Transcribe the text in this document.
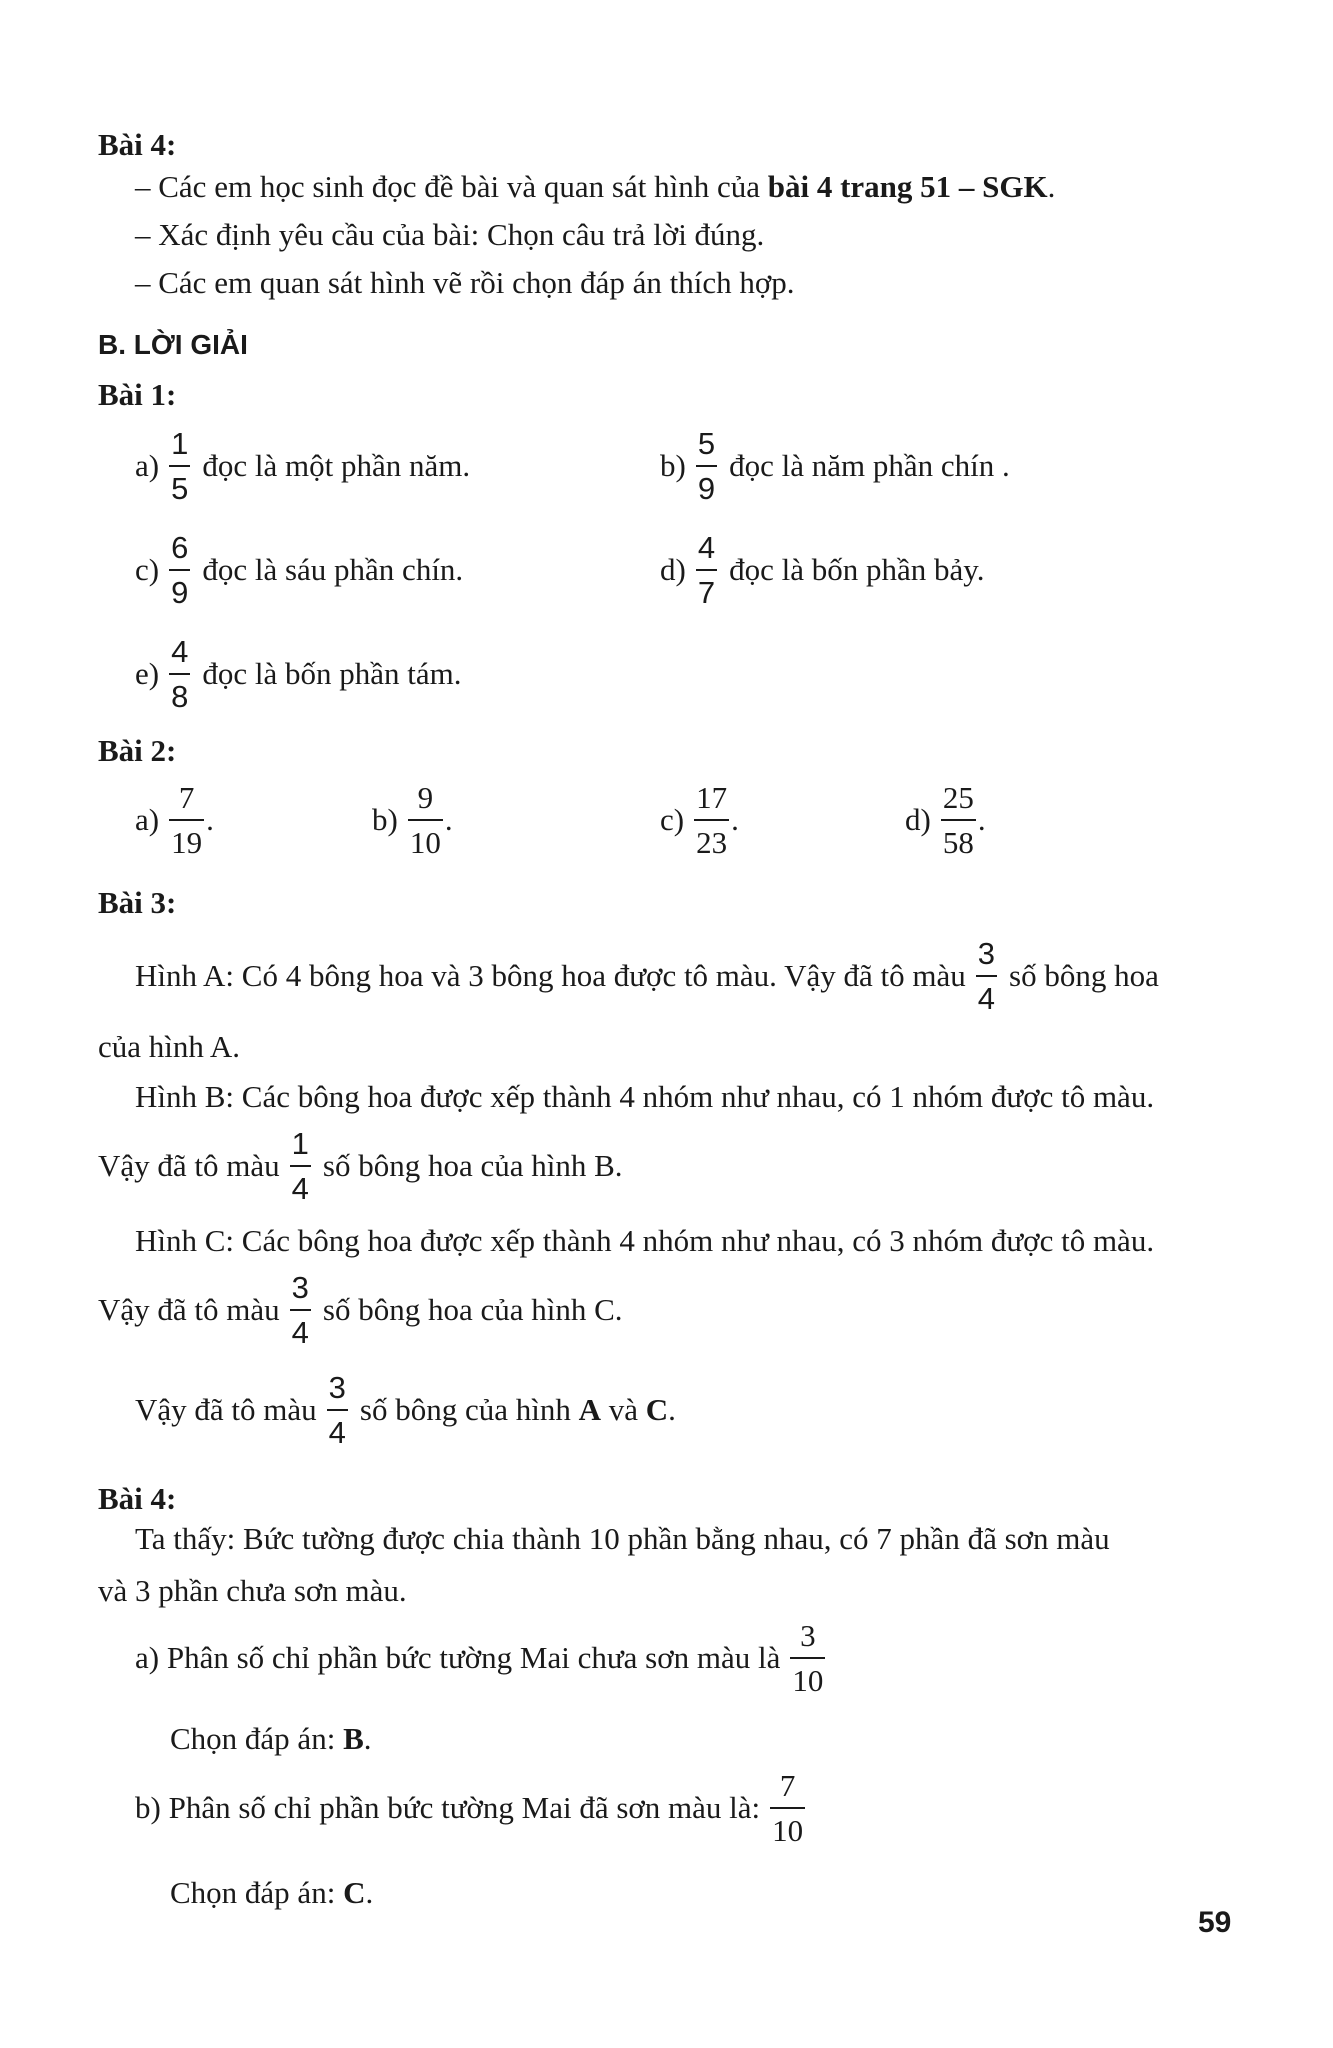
Bài 4:
– Các em học sinh đọc đề bài và quan sát hình của bài 4 trang 51 – SGK.
– Xác định yêu cầu của bài: Chọn câu trả lời đúng.
– Các em quan sát hình vẽ rồi chọn đáp án thích hợp.
B. LỜI GIẢI
Bài 1:
$a) \frac{1}{5}$ đọc là một phần năm.	$b) \frac{5}{9}$ đọc là năm phần chín .
$c) \frac{6}{9}$ đọc là sáu phần chín.	$d) \frac{4}{7}$ đọc là bốn phần bảy.
$e) \frac{4}{8}$ đọc là bốn phần tám.
Bài 2:
$a) \frac{7}{19}$ .	$b) \frac{9}{10}$ .	$c) \frac{17}{23}$ .	$d) \frac{25}{58}$ .
Bài 3:
Hình A: Có 4 bông hoa và 3 bông hoa được tô màu. Vậy đã tô màu $\frac{3}{4}$ số bông hoa
của hình A.
Hình B: Các bông hoa được xếp thành 4 nhóm như nhau, có 1 nhóm được tô màu.
Vậy đã tô màu $\frac{1}{4}$ số bông hoa của hình B.
Hình C: Các bông hoa được xếp thành 4 nhóm như nhau, có 3 nhóm được tô màu.
Vậy đã tô màu $\frac{3}{4}$ số bông hoa của hình C.
Vậy đã tô màu $\frac{3}{4}$ số bông của hình A và C .
Bài 4:
Ta thấy: Bức tường được chia thành 10 phần bằng nhau, có 7 phần đã sơn màu
và 3 phần chưa sơn màu.
a) Phân số chỉ phần bức tường Mai chưa sơn màu là $\frac{3}{10}$
Chọn đáp án: B.
b) Phân số chỉ phần bức tường Mai đã sơn màu là: $\frac{7}{10}$
Chọn đáp án: C.
59
